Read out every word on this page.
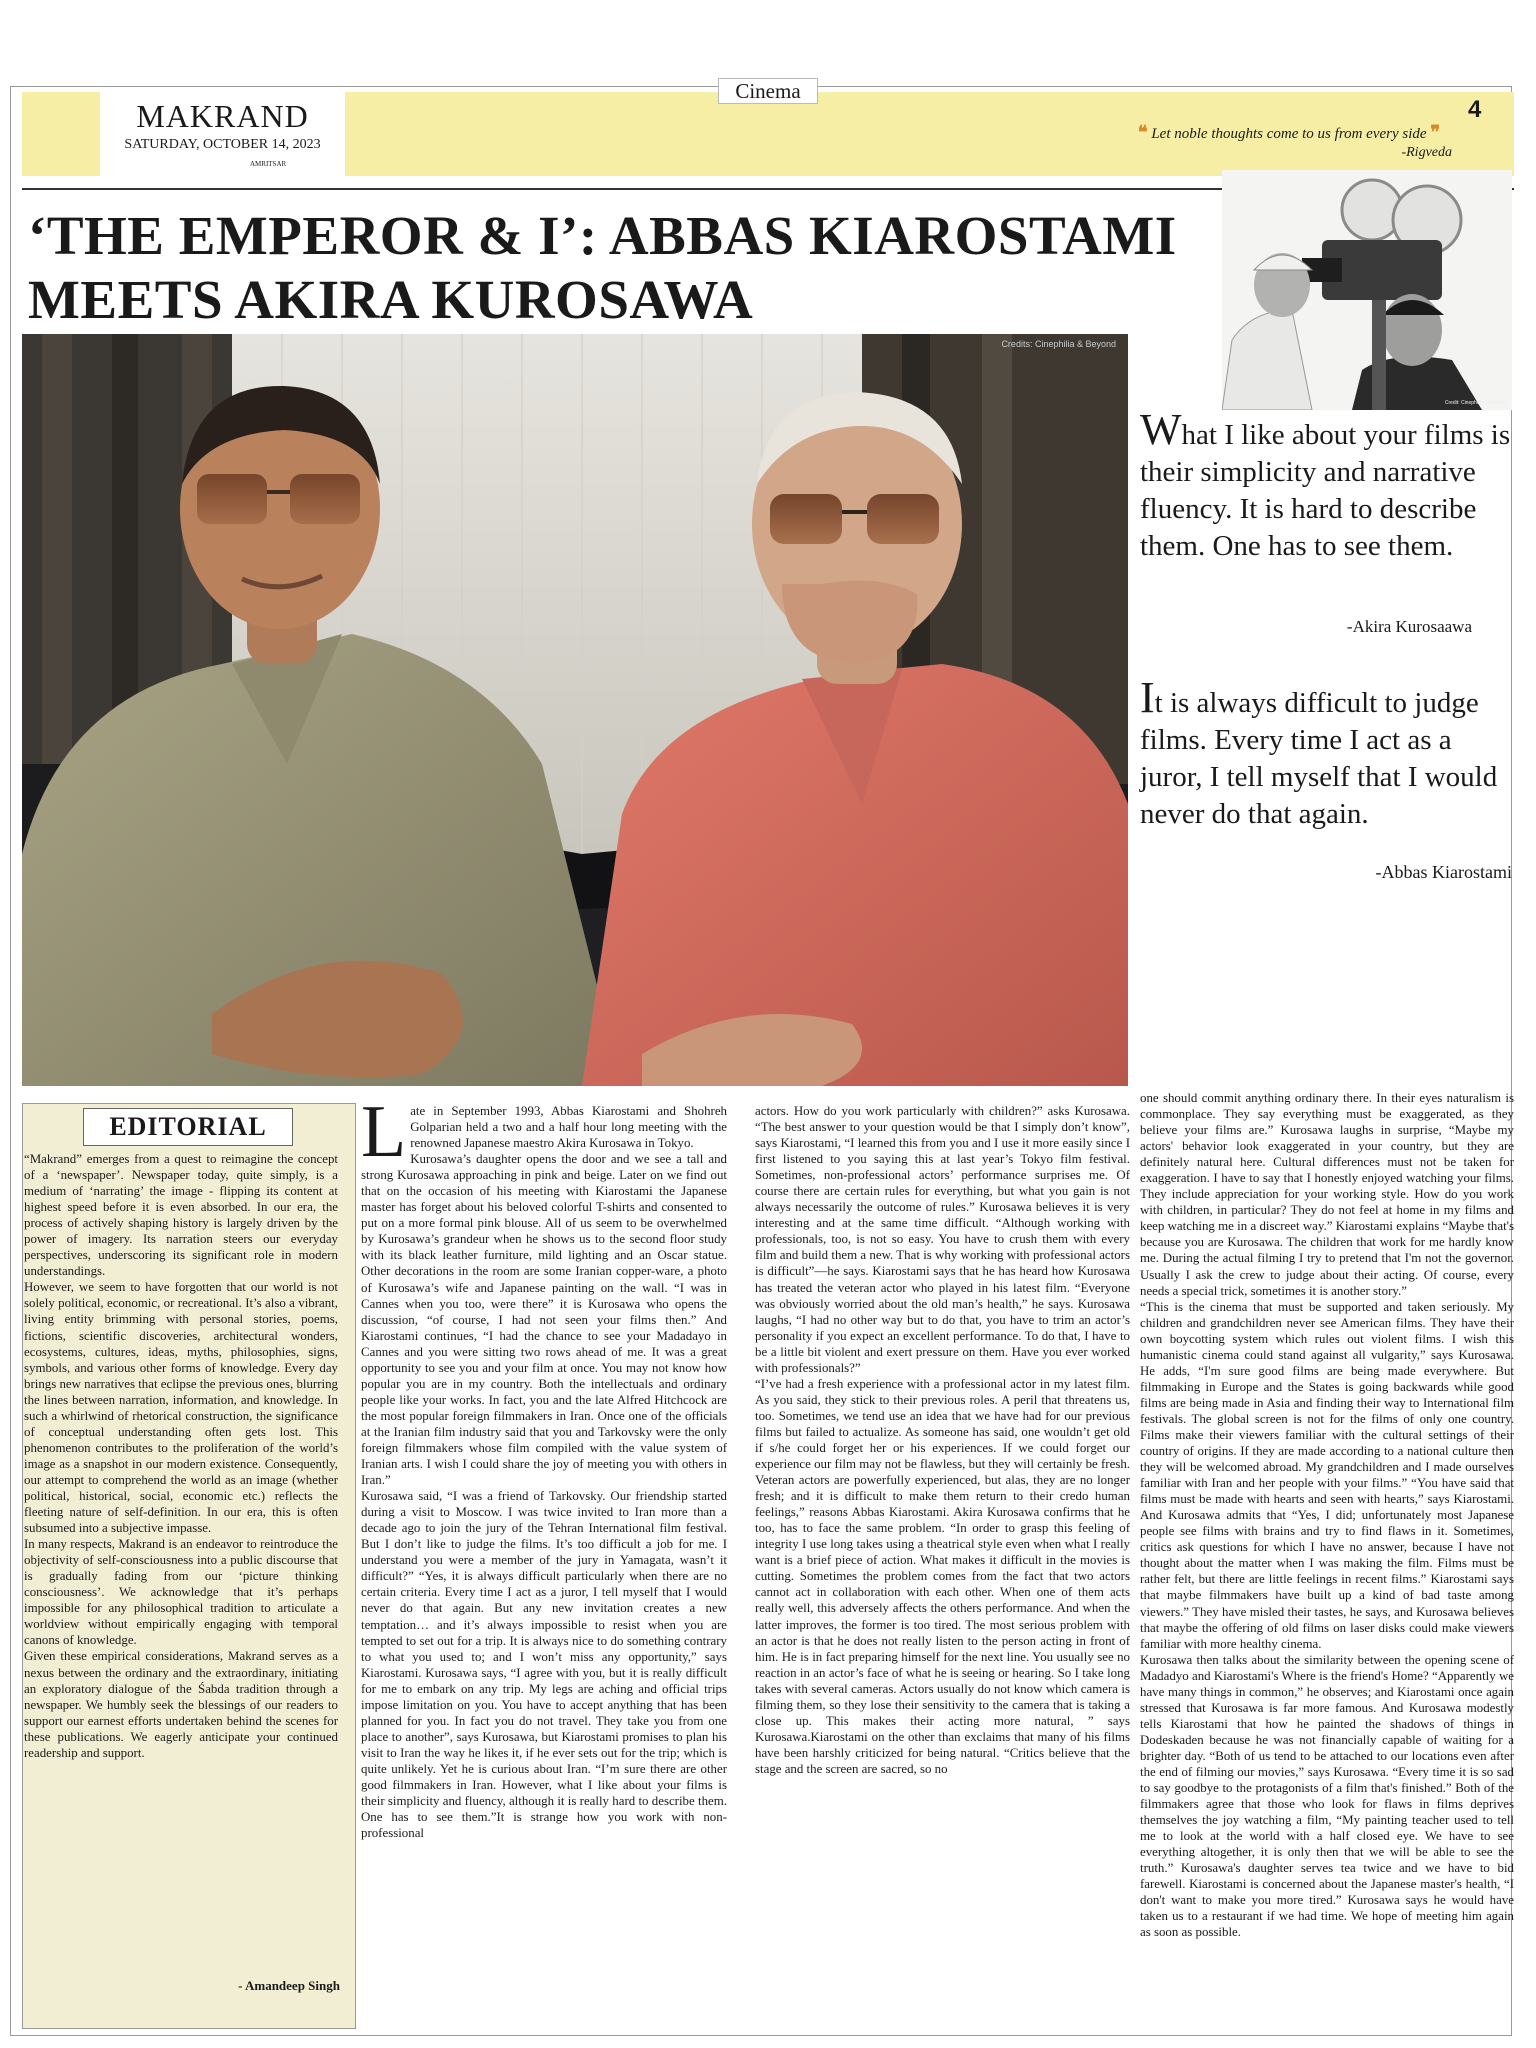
MAKRAND
SATURDAY, OCTOBER 14, 2023
AMRITSAR
Cinema
❝ Let noble thoughts come to us from every side ❞
-Rigveda
4
‘THE EMPEROR & I’: ABBAS KIAROSTAMI
MEETS AKIRA KUROSAWA
Credits: Cinephilia & Beyond
Credit: Cinephilia & Beyond
What I like about your films is their simplicity and narrative fluency. It is hard to describe them. One has to see them.
-Akira Kurosaawa
It is always difficult to judge films. Every time I act as a juror, I tell myself that I would never do that again.
-Abbas Kiarostami
EDITORIAL
“Makrand” emerges from a quest to reimagine the concept of a ‘newspaper’. Newspaper today, quite simply, is a medium of ‘narrating’ the image - flipping its content at highest speed before it is even absorbed. In our era, the process of actively shaping history is largely driven by the power of imagery. Its narration steers our everyday perspectives, underscoring its significant role in modern understandings.
However, we seem to have forgotten that our world is not solely political, economic, or recreational. It’s also a vibrant, living entity brimming with personal stories, poems, fictions, scientific discoveries, architectural wonders, ecosystems, cultures, ideas, myths, philosophies, signs, symbols, and various other forms of knowledge. Every day brings new narratives that eclipse the previous ones, blurring the lines between narration, information, and knowledge. In such a whirlwind of rhetorical construction, the significance of conceptual understanding often gets lost. This phenomenon contributes to the proliferation of the world’s image as a snapshot in our modern existence. Consequently, our attempt to comprehend the world as an image (whether political, historical, social, economic etc.) reflects the fleeting nature of self-definition. In our era, this is often subsumed into a subjective impasse.
In many respects, Makrand is an endeavor to reintroduce the objectivity of self-consciousness into a public discourse that is gradually fading from our ‘picture thinking consciousness’. We acknowledge that it’s perhaps impossible for any philosophical tradition to articulate a worldview without empirically engaging with temporal canons of knowledge.
Given these empirical considerations, Makrand serves as a nexus between the ordinary and the extraordinary, initiating an exploratory dialogue of the Śabda tradition through a newspaper. We humbly seek the blessings of our readers to support our earnest efforts undertaken behind the scenes for these publications. We eagerly anticipate your continued readership and support.
- Amandeep Singh
Late in September 1993, Abbas Kiarostami and Shohreh Golparian held a two and a half hour long meeting with the renowned Japanese maestro Akira Kurosawa in Tokyo.
Kurosawa’s daughter opens the door and we see a tall and strong Kurosawa approaching in pink and beige. Later on we find out that on the occasion of his meeting with Kiarostami the Japanese master has forget about his beloved colorful T-shirts and consented to put on a more formal pink blouse. All of us seem to be overwhelmed by Kurosawa’s grandeur when he shows us to the second floor study with its black leather furniture, mild lighting and an Oscar statue. Other decorations in the room are some Iranian copper-ware, a photo of Kurosawa’s wife and Japanese painting on the wall. “I was in Cannes when you too, were there” it is Kurosawa who opens the discussion, “of course, I had not seen your films then.” And Kiarostami continues, “I had the chance to see your Madadayo in Cannes and you were sitting two rows ahead of me. It was a great opportunity to see you and your film at once. You may not know how popular you are in my country. Both the intellectuals and ordinary people like your works. In fact, you and the late Alfred Hitchcock are the most popular foreign filmmakers in Iran. Once one of the officials at the Iranian film industry said that you and Tarkovsky were the only foreign filmmakers whose film compiled with the value system of Iranian arts. I wish I could share the joy of meeting you with others in Iran.”
Kurosawa said, “I was a friend of Tarkovsky. Our friendship started during a visit to Moscow. I was twice invited to Iran more than a decade ago to join the jury of the Tehran International film festival. But I don’t like to judge the films. It’s too difficult a job for me. I understand you were a member of the jury in Yamagata, wasn’t it difficult?” “Yes, it is always difficult particularly when there are no certain criteria. Every time I act as a juror, I tell myself that I would never do that again. But any new invitation creates a new temptation… and it’s always impossible to resist when you are tempted to set out for a trip. It is always nice to do something contrary to what you used to; and I won’t miss any opportunity,” says Kiarostami. Kurosawa says, “I agree with you, but it is really difficult for me to embark on any trip. My legs are aching and official trips impose limitation on you. You have to accept anything that has been planned for you. In fact you do not travel. They take you from one place to another”, says Kurosawa, but Kiarostami promises to plan his visit to Iran the way he likes it, if he ever sets out for the trip; which is quite unlikely. Yet he is curious about Iran. “I’m sure there are other good filmmakers in Iran. However, what I like about your films is their simplicity and fluency, although it is really hard to describe them. One has to see them.”It is strange how you work with non-professional
actors. How do you work particularly with children?” asks Kurosawa. “The best answer to your question would be that I simply don’t know”, says Kiarostami, “I learned this from you and I use it more easily since I first listened to you saying this at last year’s Tokyo film festival. Sometimes, non-professional actors’ performance surprises me. Of course there are certain rules for everything, but what you gain is not always necessarily the outcome of rules.” Kurosawa believes it is very interesting and at the same time difficult. “Although working with professionals, too, is not so easy. You have to crush them with every film and build them a new. That is why working with professional actors is difficult”—he says. Kiarostami says that he has heard how Kurosawa has treated the veteran actor who played in his latest film. “Everyone was obviously worried about the old man’s health,” he says. Kurosawa laughs, “I had no other way but to do that, you have to trim an actor’s personality if you expect an excellent performance. To do that, I have to be a little bit violent and exert pressure on them. Have you ever worked with professionals?”
“I’ve had a fresh experience with a professional actor in my latest film. As you said, they stick to their previous roles. A peril that threatens us, too. Sometimes, we tend use an idea that we have had for our previous films but failed to actualize. As someone has said, one wouldn’t get old if s/he could forget her or his experiences. If we could forget our experience our film may not be flawless, but they will certainly be fresh. Veteran actors are powerfully experienced, but alas, they are no longer fresh; and it is difficult to make them return to their credo human feelings,” reasons Abbas Kiarostami. Akira Kurosawa confirms that he too, has to face the same problem. “In order to grasp this feeling of integrity I use long takes using a theatrical style even when what I really want is a brief piece of action. What makes it difficult in the movies is cutting. Sometimes the problem comes from the fact that two actors cannot act in collaboration with each other. When one of them acts really well, this adversely affects the others performance. And when the latter improves, the former is too tired. The most serious problem with an actor is that he does not really listen to the person acting in front of him. He is in fact preparing himself for the next line. You usually see no reaction in an actor’s face of what he is seeing or hearing. So I take long takes with several cameras. Actors usually do not know which camera is filming them, so they lose their sensitivity to the camera that is taking a close up. This makes their acting more natural, ” says Kurosawa.Kiarostami on the other than exclaims that many of his films have been harshly criticized for being natural. “Critics believe that the stage and the screen are sacred, so no
one should commit anything ordinary there. In their eyes naturalism is commonplace. They say everything must be exaggerated, as they believe your films are.” Kurosawa laughs in surprise, “Maybe my actors' behavior look exaggerated in your country, but they are definitely natural here. Cultural differences must not be taken for exaggeration. I have to say that I honestly enjoyed watching your films. They include appreciation for your working style. How do you work with children, in particular? They do not feel at home in my films and keep watching me in a discreet way.” Kiarostami explains “Maybe that's because you are Kurosawa. The children that work for me hardly know me. During the actual filming I try to pretend that I'm not the governor. Usually I ask the crew to judge about their acting. Of course, every needs a special trick, sometimes it is another story.”
“This is the cinema that must be supported and taken seriously. My children and grandchildren never see American films. They have their own boycotting system which rules out violent films. I wish this humanistic cinema could stand against all vulgarity,” says Kurosawa. He adds, “I'm sure good films are being made everywhere. But filmmaking in Europe and the States is going backwards while good films are being made in Asia and finding their way to International film festivals. The global screen is not for the films of only one country. Films make their viewers familiar with the cultural settings of their country of origins. If they are made according to a national culture then they will be welcomed abroad. My grandchildren and I made ourselves familiar with Iran and her people with your films.” “You have said that films must be made with hearts and seen with hearts,” says Kiarostami. And Kurosawa admits that “Yes, I did; unfortunately most Japanese people see films with brains and try to find flaws in it. Sometimes, critics ask questions for which I have no answer, because I have not thought about the matter when I was making the film. Films must be rather felt, but there are little feelings in recent films.” Kiarostami says that maybe filmmakers have built up a kind of bad taste among viewers.” They have misled their tastes, he says, and Kurosawa believes that maybe the offering of old films on laser disks could make viewers familiar with more healthy cinema.
Kurosawa then talks about the similarity between the opening scene of Madadyo and Kiarostami's Where is the friend's Home? “Apparently we have many things in common,” he observes; and Kiarostami once again stressed that Kurosawa is far more famous. And Kurosawa modestly tells Kiarostami that how he painted the shadows of things in Dodeskaden because he was not financially capable of waiting for a brighter day. “Both of us tend to be attached to our locations even after the end of filming our movies,” says Kurosawa. “Every time it is so sad to say goodbye to the protagonists of a film that's finished.” Both of the filmmakers agree that those who look for flaws in films deprives themselves the joy watching a film, “My painting teacher used to tell me to look at the world with a half closed eye. We have to see everything altogether, it is only then that we will be able to see the truth.” Kurosawa's daughter serves tea twice and we have to bid farewell. Kiarostami is concerned about the Japanese master's health, “I don't want to make you more tired.” Kurosawa says he would have taken us to a restaurant if we had time. We hope of meeting him again as soon as possible.
